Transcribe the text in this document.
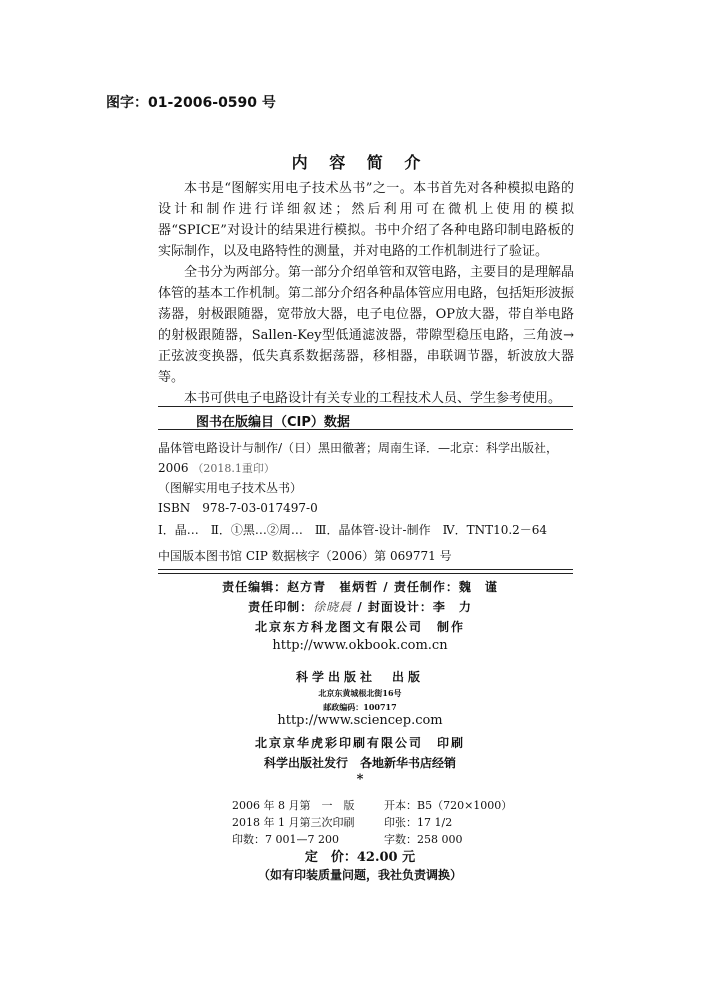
图字：01-2006-0590 号
内 容 简 介

本书是“图解实用电子技术丛书”之一。本书首先对各种模拟电路的设计和制作进行详细叙述；然后利用可在微机上使用的模拟器“SPICE”对设计的结果进行模拟。书中介绍了各种电路印制电路板的实际制作，以及电路特性的测量，并对电路的工作机制进行了验证。

全书分为两部分。第一部分介绍单管和双管电路，主要目的是理解晶体管的基本工作机制。第二部分介绍各种晶体管应用电路，包括矩形波振荡器，射极跟随器，宽带放大器，电子电位器，OP放大器，带自举电路的射极跟随器，Sallen-Key型低通滤波器，带隙型稳压电路，三角波→正弦波变换器，低失真系数据荡器，移相器，串联调节器，斩波放大器等。

本书可供电子电路设计有关专业的工程技术人员、学生参考使用。

图书在版编目（CIP）数据
晶体管电路设计与制作/（日）黑田徹著；周南生译．—北京：科学出版社，
2006 （2018.1重印）
（图解实用电子技术丛书）
ISBN　978-7-03-017497-0
Ⅰ．晶…　Ⅱ．①黑…②周…　Ⅲ．晶体管-设计-制作　Ⅳ．TNT10.2－64
中国版本图书馆 CIP 数据核字（2006）第 069771 号
责任编辑：赵方青　崔炳哲 / 责任制作：魏　谨
责任印制：徐晓晨 / 封面设计：李　力
北京东方科龙图文有限公司　制作
http://www.okbook.com.cn
科学出版社　出版
北京东黄城根北街16号
邮政编码：100717
http://www.sciencep.com
北京京华虎彩印刷有限公司　印刷
科学出版社发行　各地新华书店经销
*
2006 年 8 月第　一　版	开本：B5（720×1000）
2018 年 1 月第三次印刷	印张：17 1/2
印数：7 001—7 200	字数：258 000
定　价：42.00 元
（如有印装质量问题，我社负责调换）
